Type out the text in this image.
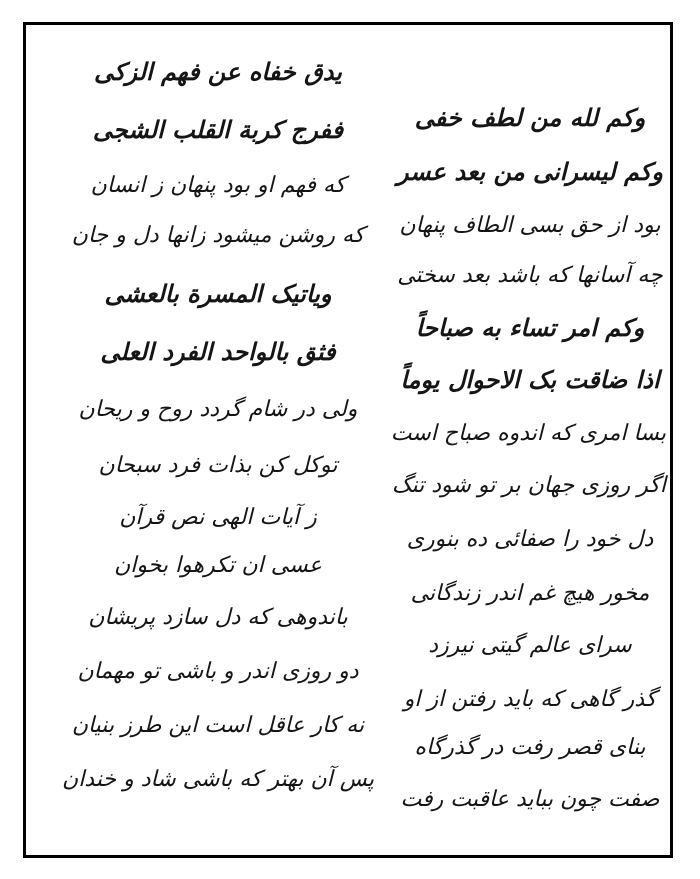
وکم لله من لطف خفی
وکم لیسرانی من بعد عسر
بود از حق بسی الطاف پنهان
چه آسانها که باشد بعد سختی
وکم امر تساء به صباحاً
اذا ضاقت بک الاحوال یوماً
بسا امری که اندوه صباح است
اگر روزی جهان بر تو شود تنگ
دل خود را صفائی ده بنوری
مخور هیچ غم اندر زندگانی
سرای عالم گیتی نیرزد
گذر گاهی که باید رفتن از او
بنای قصر رفت در گذرگاه
صفت چون بباید عاقبت رفت
یدق خفاه عن فهم الزکی
ففرج کربة القلب الشجی
که فهم او بود پنهان ز انسان
که روشن میشود زانها دل و جان
ویاتیک المسرة بالعشی
فثق بالواحد الفرد العلی
ولی در شام گردد روح و ریحان
توکل کن بذات فرد سبحان
ز آیات الهی نص قرآن
عسی ان تکرهوا بخوان
باندوهی که دل سازد پریشان
دو روزی اندر و باشی تو مهمان
نه کار عاقل است این طرز بنیان
پس آن بهتر که باشی شاد و خندان
